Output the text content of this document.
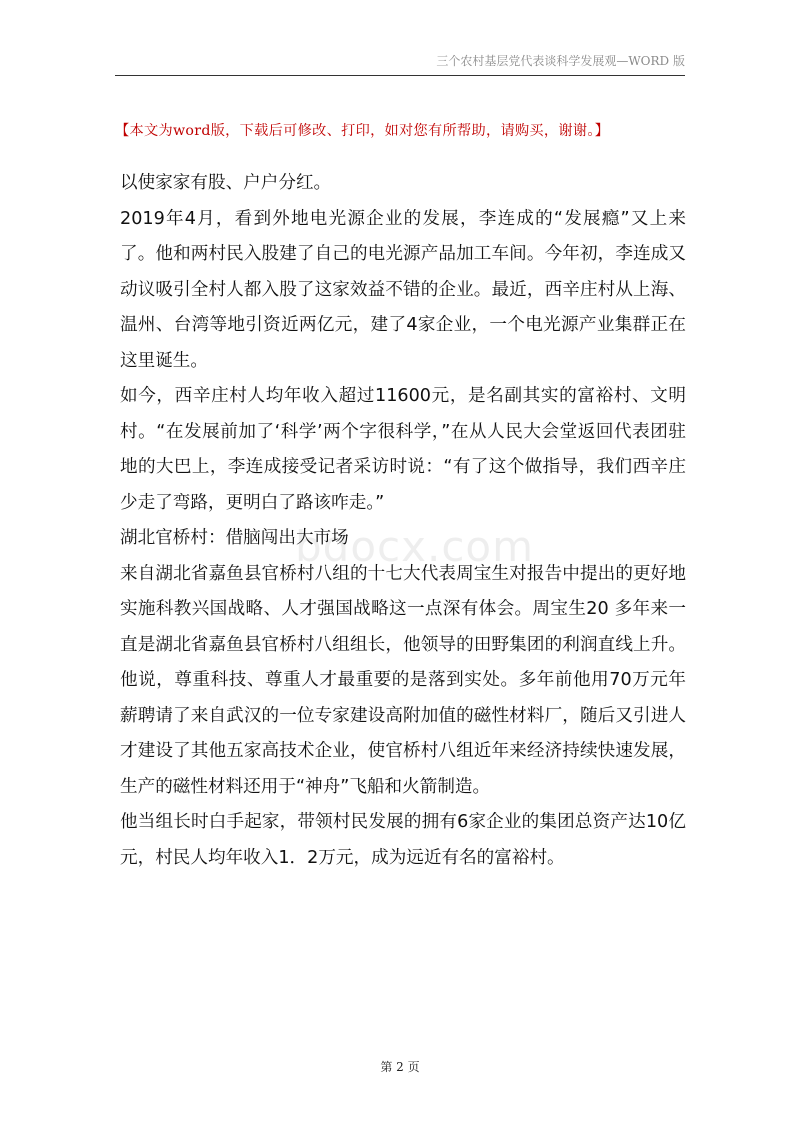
三个农村基层党代表谈科学发展观—WORD 版
【本文为word版，下载后可修改、打印，如对您有所帮助，请购买，谢谢。】
bdocx.com

以使家家有股、户户分红。

2019年4月，看到外地电光源企业的发展，李连成的“发展瘾”又上来了。他和两村民入股建了自己的电光源产品加工车间。今年初，李连成又动议吸引全村人都入股了这家效益不错的企业。最近，西辛庄村从上海、温州、台湾等地引资近两亿元，建了4家企业，一个电光源产业集群正在这里诞生。

如今，西辛庄村人均年收入超过11600元，是名副其实的富裕村、文明村。“在发展前加了‘科学’两个字很科学，”在从人民大会堂返回代表团驻地的大巴上，李连成接受记者采访时说：“有了这个做指导，我们西辛庄少走了弯路，更明白了路该咋走。”

湖北官桥村：借脑闯出大市场

来自湖北省嘉鱼县官桥村八组的十七大代表周宝生对报告中提出的更好地实施科教兴国战略、人才强国战略这一点深有体会。周宝生20 多年来一直是湖北省嘉鱼县官桥村八组组长，他领导的田野集团的利润直线上升。他说，尊重科技、尊重人才最重要的是落到实处。多年前他用70万元年薪聘请了来自武汉的一位专家建设高附加值的磁性材料厂，随后又引进人才建设了其他五家高技术企业，使官桥村八组近年来经济持续快速发展，生产的磁性材料还用于“神舟”飞船和火箭制造。

他当组长时白手起家，带领村民发展的拥有6家企业的集团总资产达10亿元，村民人均年收入1．2万元，成为远近有名的富裕村。

第 2 页
